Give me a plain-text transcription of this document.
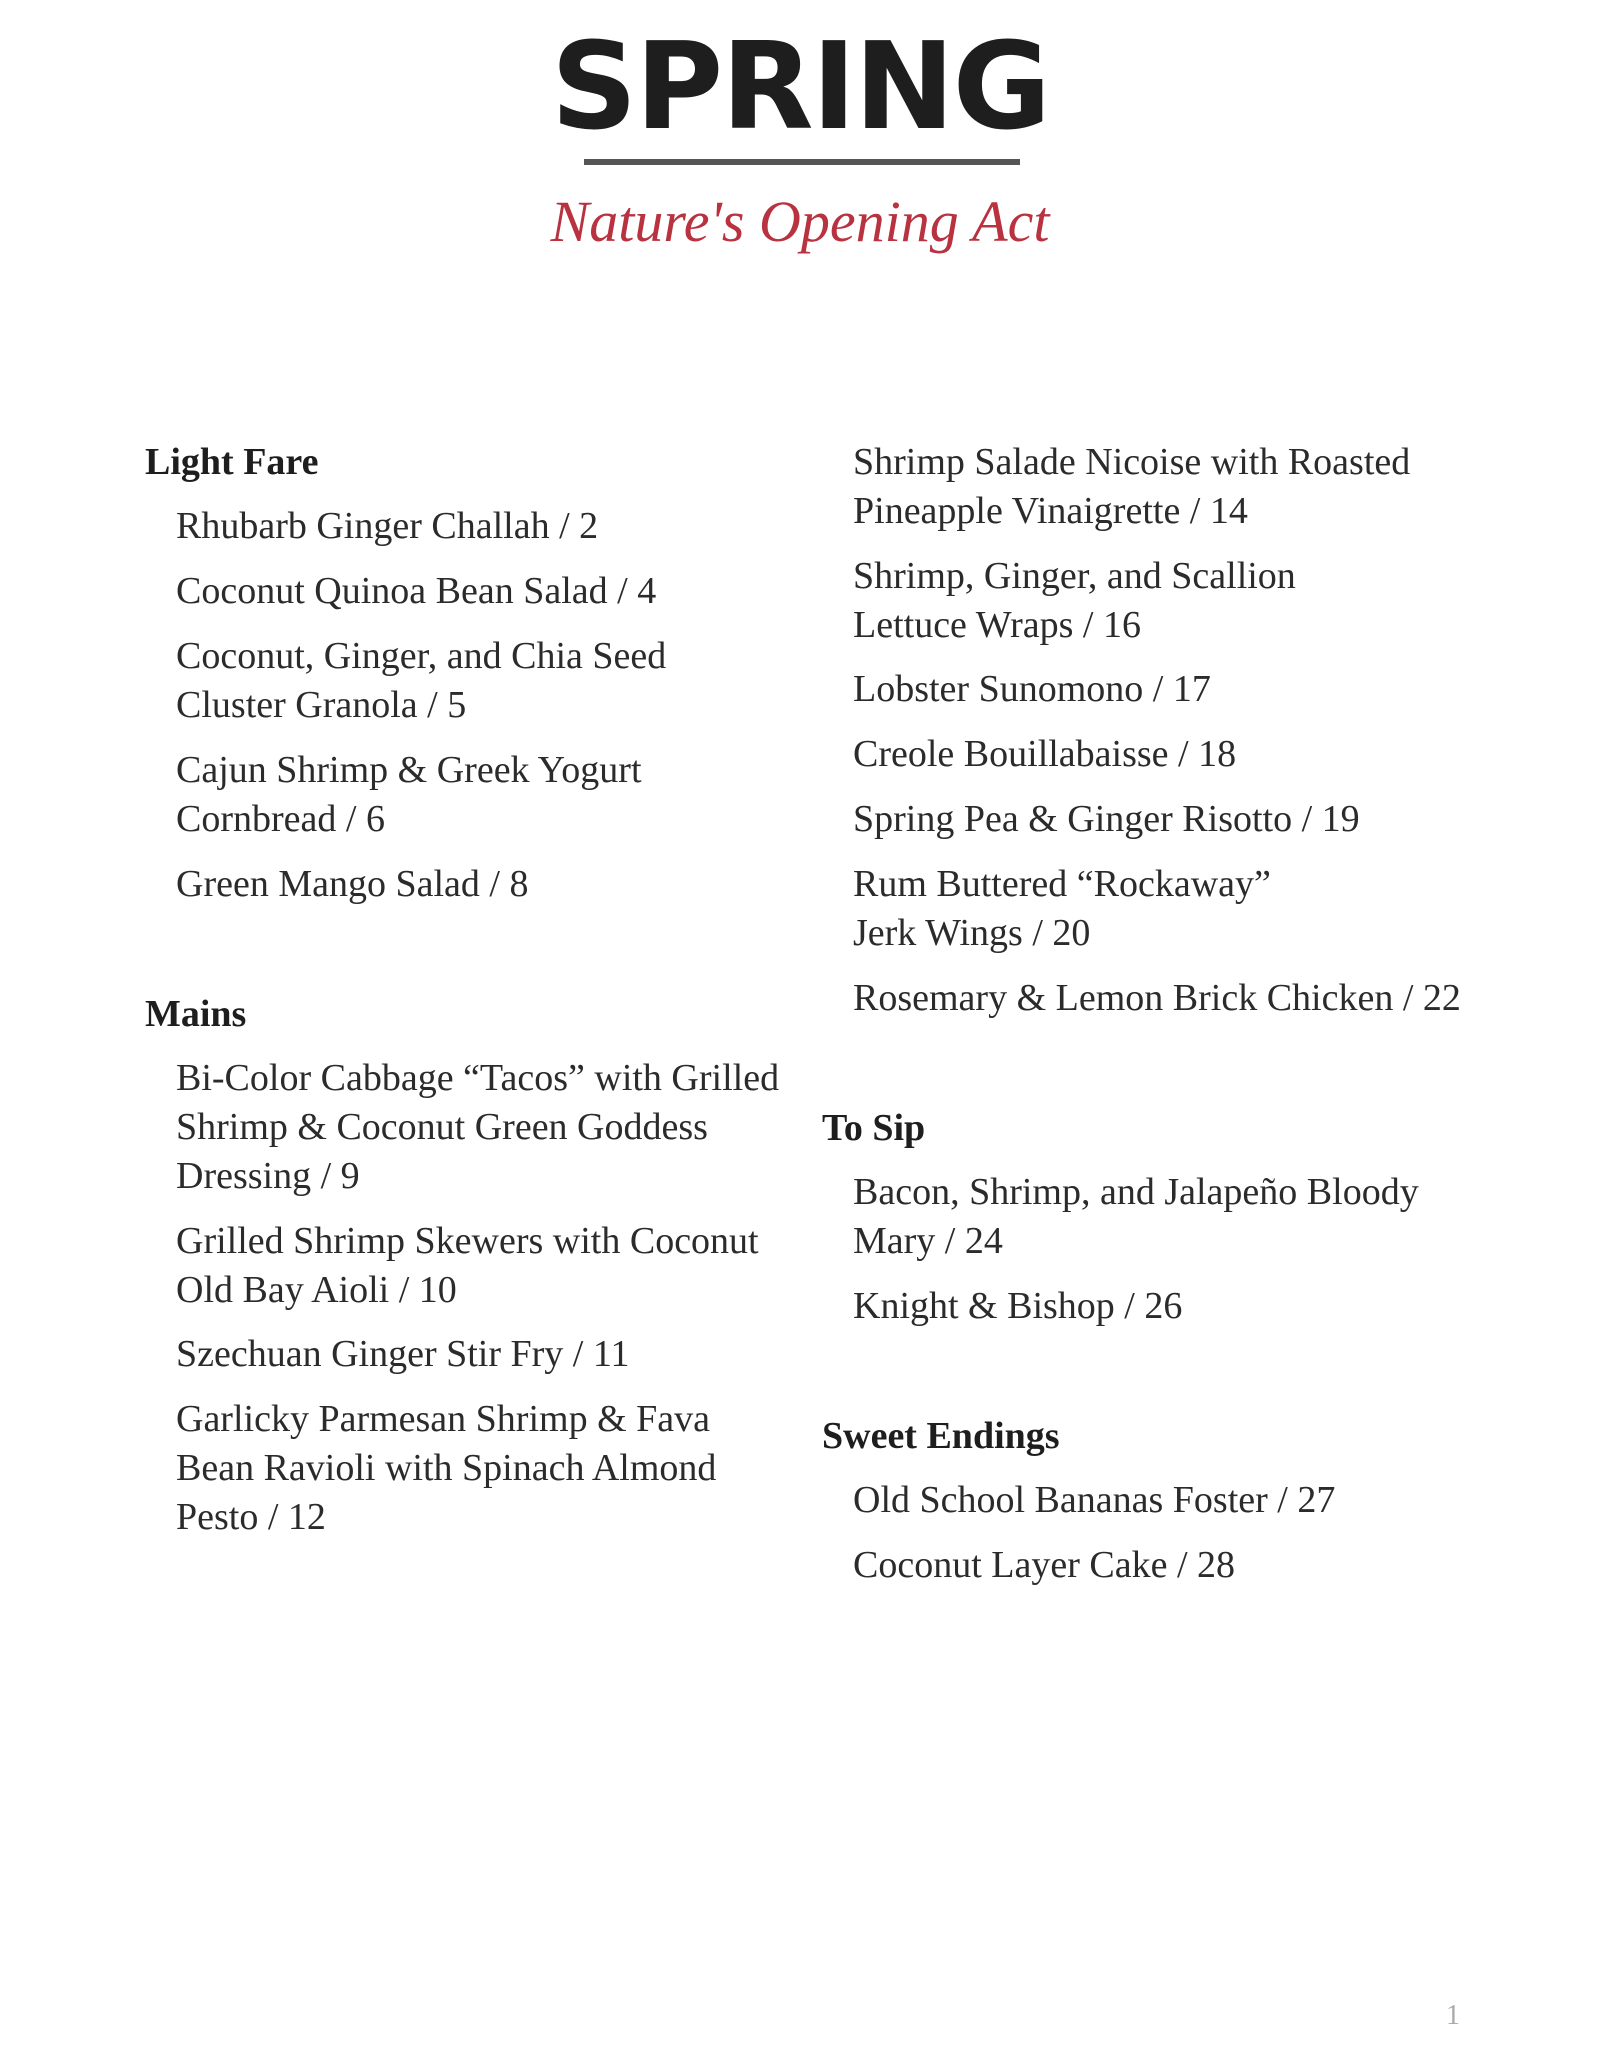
SPRING
Nature's Opening Act
Light Fare
Rhubarb Ginger Challah / 2
Coconut Quinoa Bean Salad / 4
Coconut, Ginger, and Chia Seed
Cluster Granola / 5
Cajun Shrimp & Greek Yogurt
Cornbread / 6
Green Mango Salad / 8
Mains
Bi-Color Cabbage “Tacos” with Grilled
Shrimp & Coconut Green Goddess
Dressing / 9
Grilled Shrimp Skewers with Coconut
Old Bay Aioli / 10
Szechuan Ginger Stir Fry / 11
Garlicky Parmesan Shrimp & Fava
Bean Ravioli with Spinach Almond
Pesto / 12
Shrimp Salade Nicoise with Roasted
Pineapple Vinaigrette / 14
Shrimp, Ginger, and Scallion
Lettuce Wraps / 16
Lobster Sunomono / 17
Creole Bouillabaisse / 18
Spring Pea & Ginger Risotto / 19
Rum Buttered “Rockaway”
Jerk Wings / 20
Rosemary & Lemon Brick Chicken / 22
To Sip
Bacon, Shrimp, and Jalapeño Bloody
Mary / 24
Knight & Bishop / 26
Sweet Endings
Old School Bananas Foster / 27
Coconut Layer Cake / 28
1
